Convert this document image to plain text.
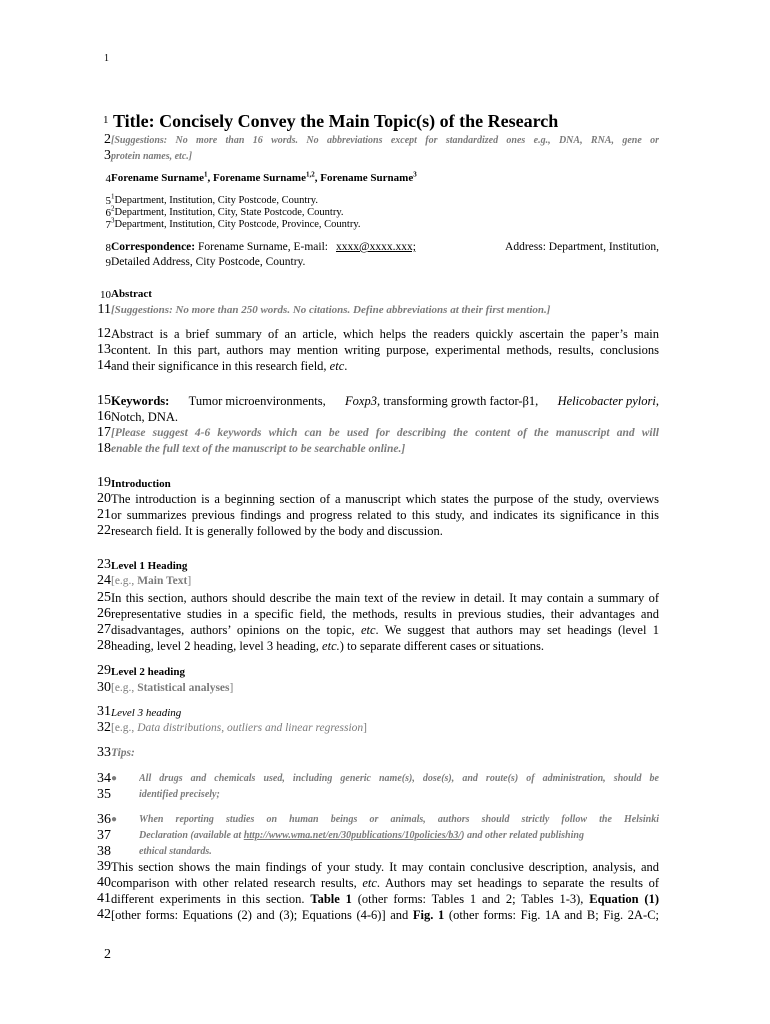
1
1 Title: Concisely Convey the Main Topic(s) of the Research
2 [Suggestions: No more than 16 words. No abbreviations except for standardized ones e.g., DNA, RNA, gene or
3 protein names, etc.]
4 Forename Surname$^1$, Forename Surname$^{1,2}$, Forename Surname$^3$
5 $^1$Department, Institution, City Postcode, Country.
6 $^2$Department, Institution, City, State Postcode, Country.
7 $^3$Department, Institution, City Postcode, Province, Country.
8 Correspondence: Forename Surname, E-mail: xxxx@xxxx.xxx;	Address: Department, Institution,
9 Detailed Address, City Postcode, Country.
10 Abstract
11 [Suggestions: No more than 250 words. No citations. Define abbreviations at their first mention.]
12 Abstract is a brief summary of an article, which helps the readers quickly ascertain the paper’s main
13 content. In this part, authors may mention writing purpose, experimental methods, results, conclusions
14 and their significance in this research field, etc.
15 Keywords: Tumor microenvironments, Foxp3, transforming growth factor-β1, Helicobacter pylori,
16 Notch, DNA.
17 [Please suggest 4-6 keywords which can be used for describing the content of the manuscript and will
18 enable the full text of the manuscript to be searchable online.]
19 Introduction
20 The introduction is a beginning section of a manuscript which states the purpose of the study, overviews
21 or summarizes previous findings and progress related to this study, and indicates its significance in this
22 research field. It is generally followed by the body and discussion.
23 Level 1 Heading
24 [e.g., Main Text]
25 In this section, authors should describe the main text of the review in detail. It may contain a summary of
26 representative studies in a specific field, the methods, results in previous studies, their advantages and
27 disadvantages, authors’ opinions on the topic, etc. We suggest that authors may set headings (level 1
28 heading, level 2 heading, level 3 heading, etc.) to separate different cases or situations.
29 Level 2 heading
30 [e.g., Statistical analyses]
31 Level 3 heading
32 [e.g., Data distributions, outliers and linear regression]
33 Tips:
34 ● All drugs and chemicals used, including generic name(s), dose(s), and route(s) of administration, should be
35	identified precisely;
36 ● When reporting studies on human beings or animals, authors should strictly follow the Helsinki
37	Declaration (available at http://www.wma.net/en/30publications/10policies/b3/) and other related publishing
38	ethical standards.
39 This section shows the main findings of your study. It may contain conclusive description, analysis, and
40 comparison with other related research results, etc. Authors may set headings to separate the results of
41 different experiments in this section. Table 1 (other forms: Tables 1 and 2; Tables 1-3), Equation (1)
42 [other forms: Equations (2) and (3); Equations (4-6)] and Fig. 1 (other forms: Fig. 1A and B; Fig. 2A-C;
2
